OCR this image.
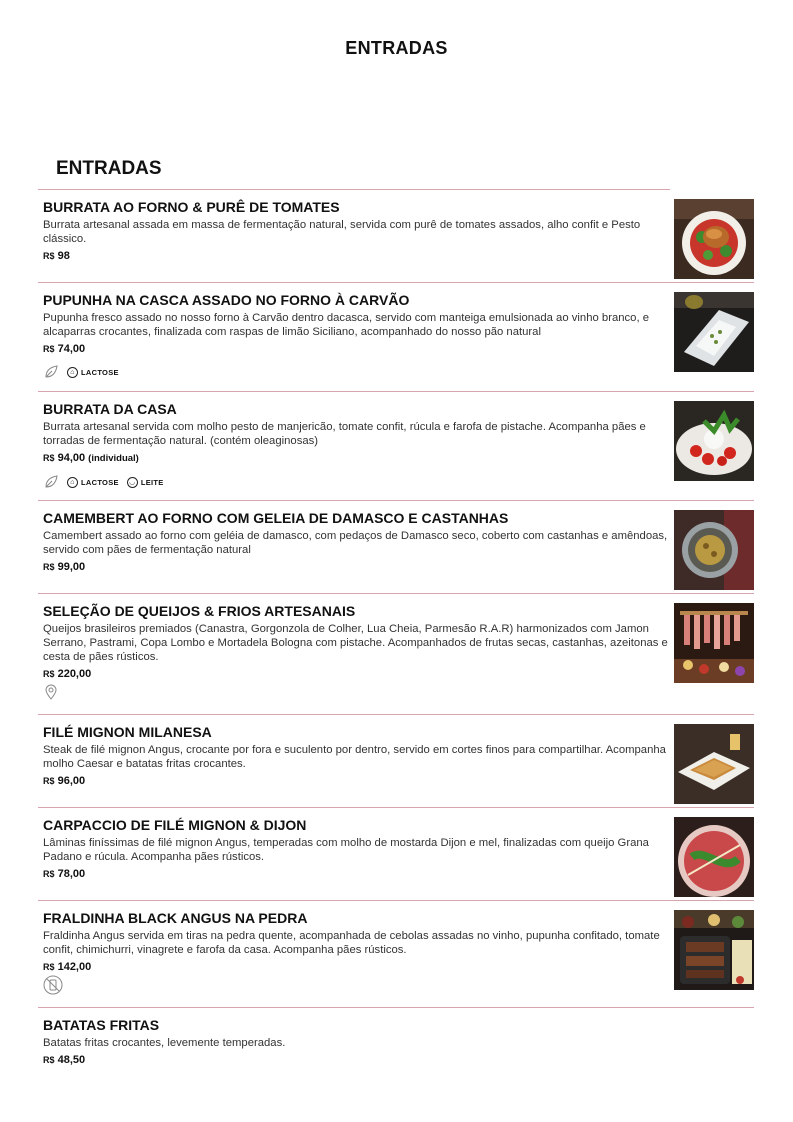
ENTRADAS
ENTRADAS
BURRATA AO FORNO & PURÊ DE TOMATES
Burrata artesanal assada em massa de fermentação natural, servida com purê de tomates assados, alho confit e Pesto clássico.
R$ 98
PUPUNHA NA CASCA ASSADO NO FORNO À CARVÃO
Pupunha fresco assado no nosso forno à Carvão dentro dacasca, servido com manteiga emulsionada ao vinho branco, e alcaparras crocantes, finalizada com raspas de limão Siciliano, acompanhado do nosso pão natural
R$ 74,00
⌂ LACTOSE
BURRATA DA CASA
Burrata artesanal servida com molho pesto de manjericão, tomate confit, rúcula e farofa de pistache. Acompanha pães e torradas de fermentação natural. (contém oleaginosas)
R$ 94,00 (individual)
⌂ LACTOSE	◡ LEITE
CAMEMBERT AO FORNO COM GELEIA DE DAMASCO E CASTANHAS
Camembert assado ao forno com geléia de damasco, com pedaços de Damasco seco, coberto com castanhas e amêndoas, servido com pães de fermentação natural
R$ 99,00
SELEÇÃO DE QUEIJOS & FRIOS ARTESANAIS
Queijos brasileiros premiados (Canastra, Gorgonzola de Colher, Lua Cheia, Parmesão R.A.R) harmonizados com Jamon Serrano, Pastrami, Copa Lombo e Mortadela Bologna com pistache. Acompanhados de frutas secas, castanhas, azeitonas e cesta de pães rústicos.
R$ 220,00
FILÉ MIGNON MILANESA
Steak de filé mignon Angus, crocante por fora e suculento por dentro, servido em cortes finos para compartilhar. Acompanha molho Caesar e batatas fritas crocantes.
R$ 96,00
CARPACCIO DE FILÉ MIGNON & DIJON
Lâminas finíssimas de filé mignon Angus, temperadas com molho de mostarda Dijon e mel, finalizadas com queijo Grana Padano e rúcula. Acompanha pães rústicos.
R$ 78,00
FRALDINHA BLACK ANGUS NA PEDRA
Fraldinha Angus servida em tiras na pedra quente, acompanhada de cebolas assadas no vinho, pupunha confitado, tomate confit, chimichurri, vinagrete e farofa da casa. Acompanha pães rústicos.
R$ 142,00
BATATAS FRITAS
Batatas fritas crocantes, levemente temperadas.
R$ 48,50
